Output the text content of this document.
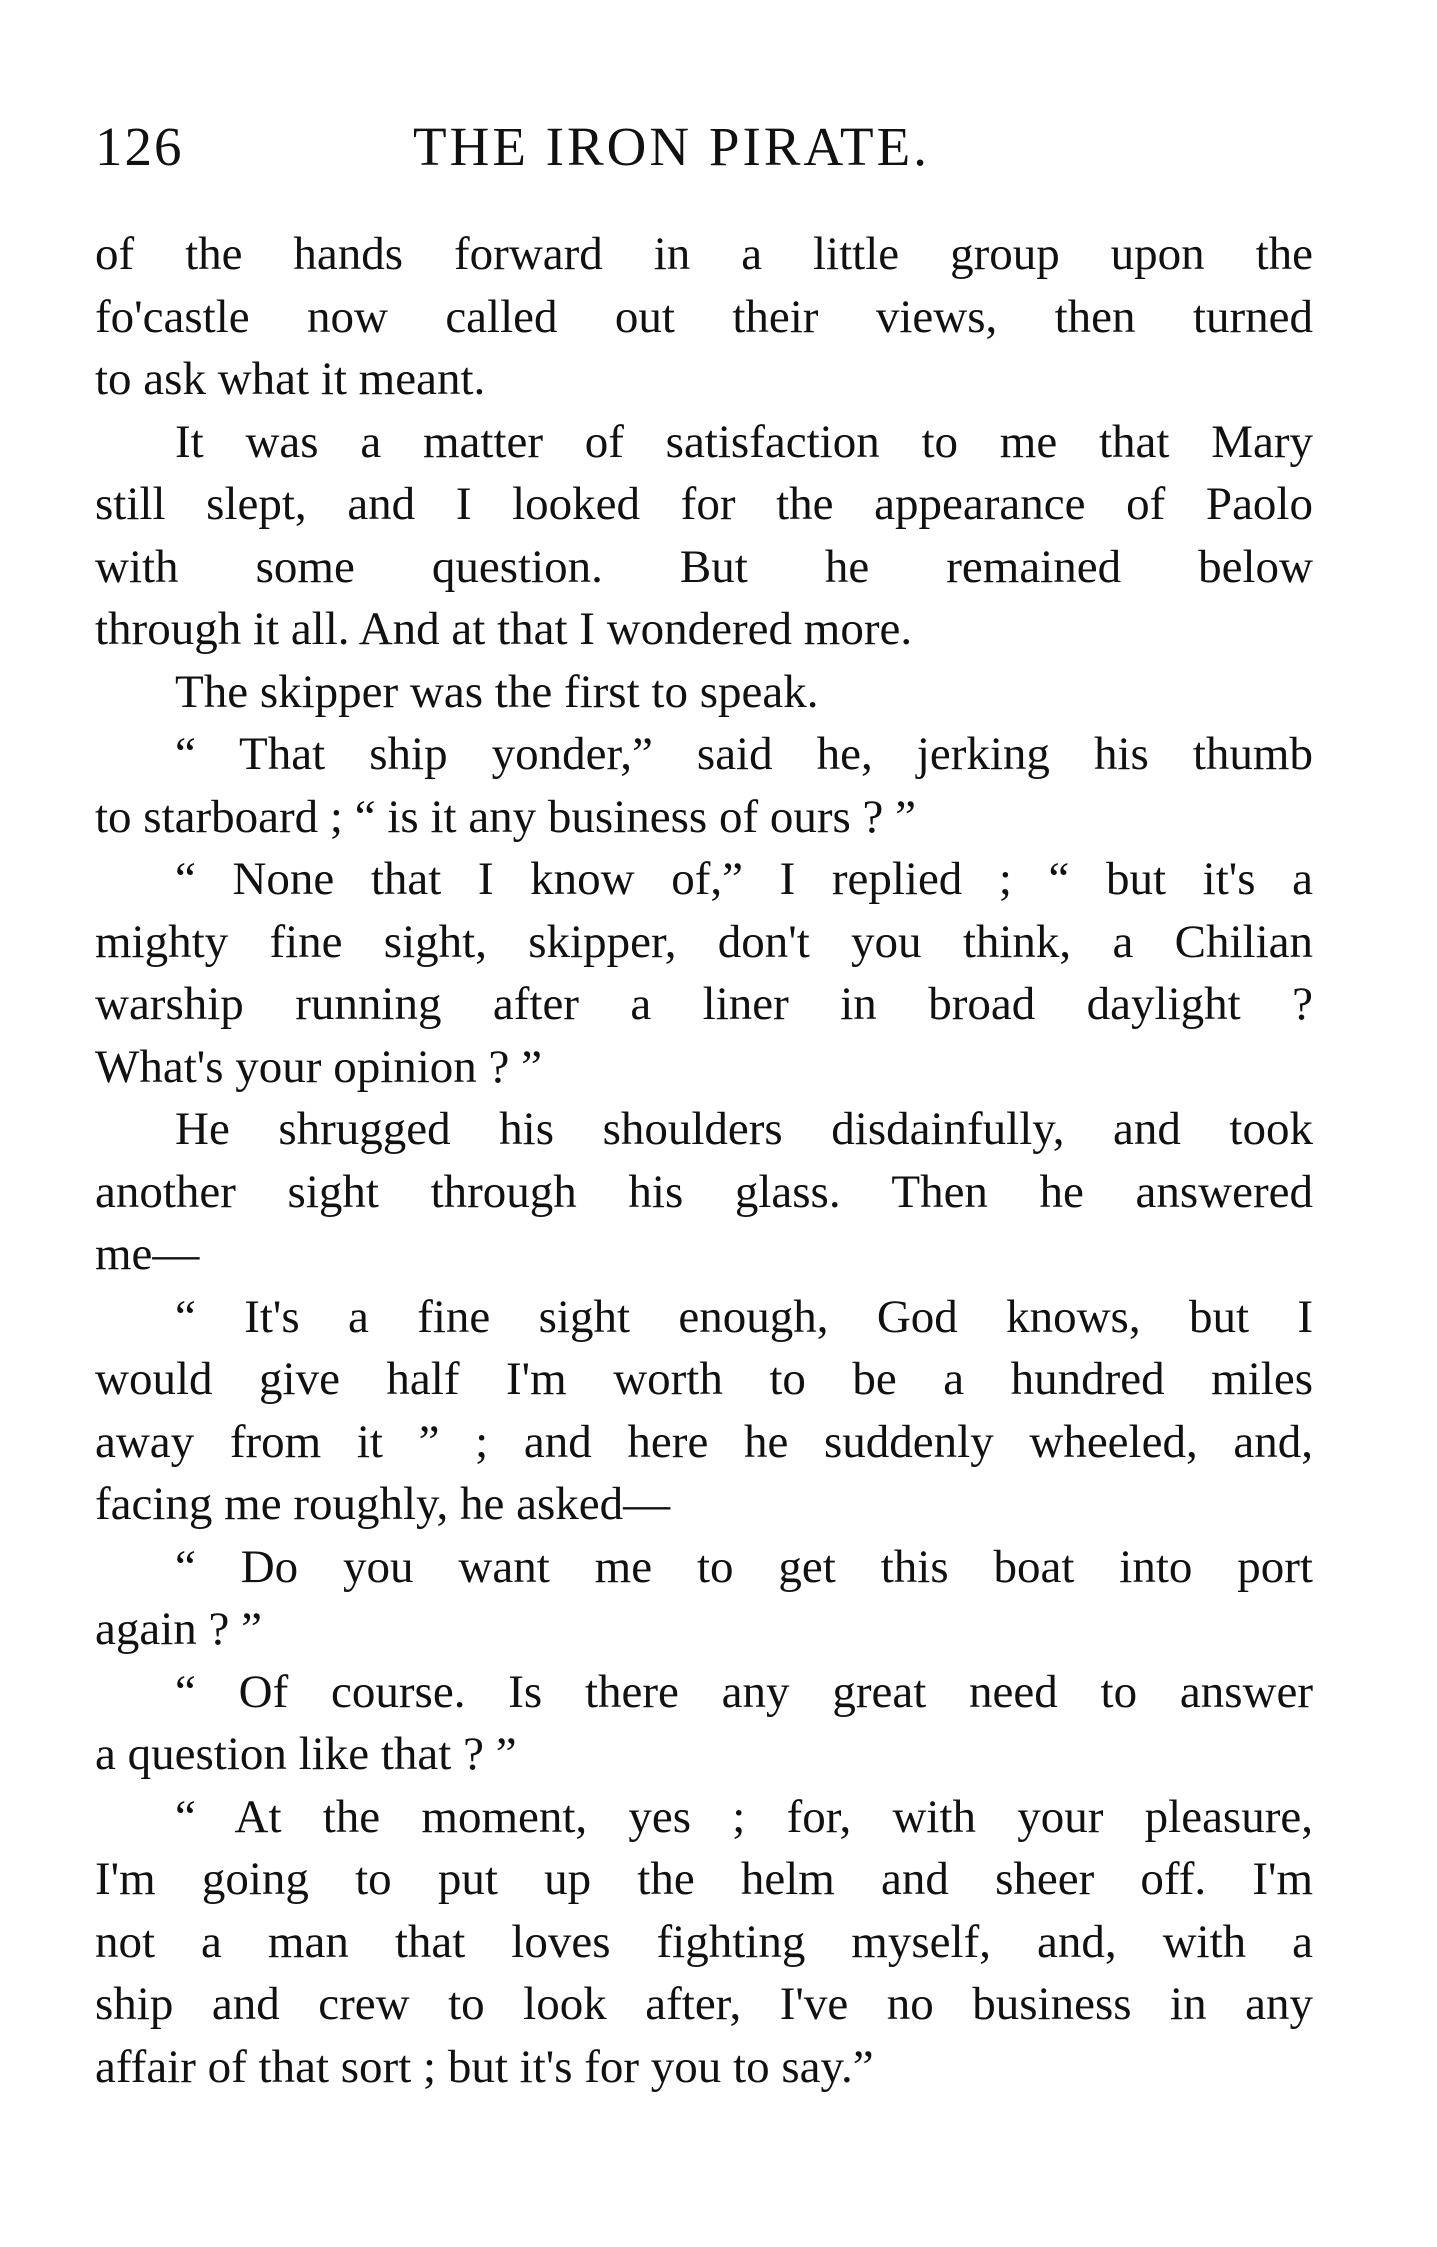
126	THE IRON PIRATE.
of the hands forward in a little group upon the
fo'castle now called out their views, then turned
to ask what it meant.
It was a matter of satisfaction to me that Mary
still slept, and I looked for the appearance of Paolo
with some question. But he remained below
through it all. And at that I wondered more.
The skipper was the first to speak.
“ That ship yonder,” said he, jerking his thumb
to starboard ; “ is it any business of ours ? ”
“ None that I know of,” I replied ; “ but it's a
mighty fine sight, skipper, don't you think, a Chilian
warship running after a liner in broad daylight ?
What's your opinion ? ”
He shrugged his shoulders disdainfully, and took
another sight through his glass. Then he answered
me—
“ It's a fine sight enough, God knows, but I
would give half I'm worth to be a hundred miles
away from it ” ; and here he suddenly wheeled, and,
facing me roughly, he asked—
“ Do you want me to get this boat into port
again ? ”
“ Of course. Is there any great need to answer
a question like that ? ”
“ At the moment, yes ; for, with your pleasure,
I'm going to put up the helm and sheer off. I'm
not a man that loves fighting myself, and, with a
ship and crew to look after, I've no business in any
affair of that sort ; but it's for you to say.”
